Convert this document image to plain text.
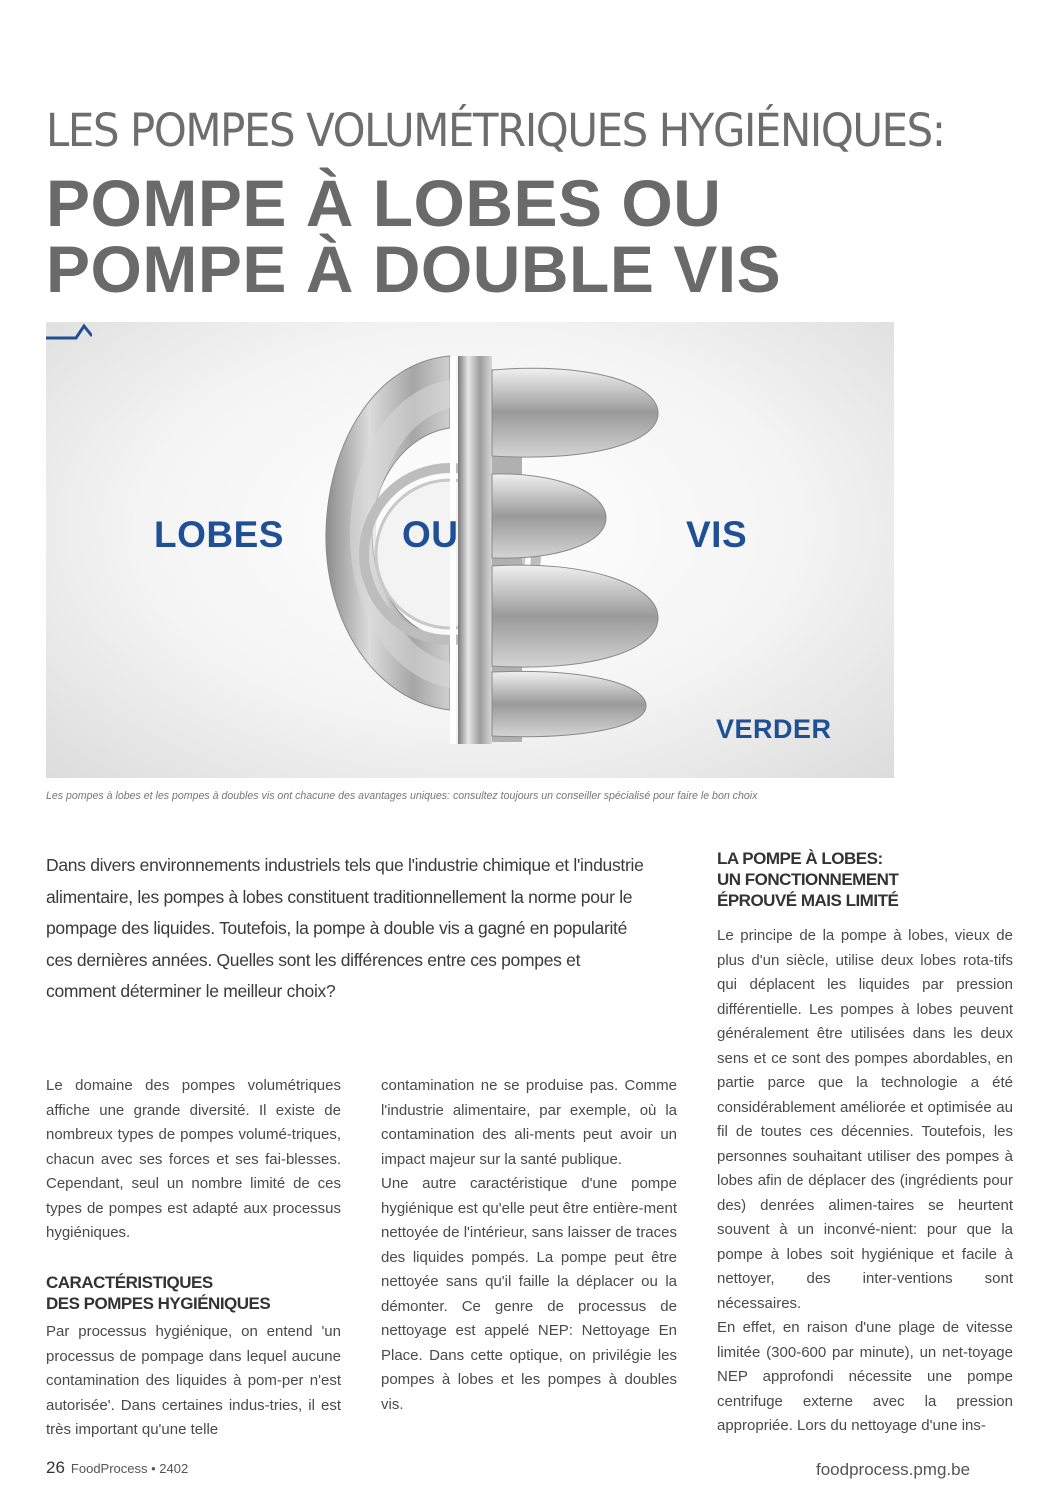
LES POMPES VOLUMÉTRIQUES HYGIÉNIQUES:
POMPE À LOBES OU
POMPE À DOUBLE VIS
LOBES	OU	VIS
VERDER
Les pompes à lobes et les pompes à doubles vis ont chacune des avantages uniques: consultez toujours un conseiller spécialisé pour faire le bon choix
Dans divers environnements industriels tels que l'industrie chimique et l'industrie alimentaire, les pompes à lobes constituent traditionnellement la norme pour le pompage des liquides. Toutefois, la pompe à double vis a gagné en popularité ces dernières années. Quelles sont les différences entre ces pompes et comment déterminer le meilleur choix?

Le domaine des pompes volumétriques affiche une grande diversité. Il existe de nombreux types de pompes volumé-triques, chacun avec ses forces et ses fai-blesses. Cependant, seul un nombre limité de ces types de pompes est adapté aux processus hygiéniques.

CARACTÉRISTIQUES
DES POMPES HYGIÉNIQUES

Par processus hygiénique, on entend 'un processus de pompage dans lequel aucune contamination des liquides à pom-per n'est autorisée'. Dans certaines indus-tries, il est très important qu'une telle

contamination ne se produise pas. Comme l'industrie alimentaire, par exemple, où la contamination des ali-ments peut avoir un impact majeur sur la santé publique.

Une autre caractéristique d'une pompe hygiénique est qu'elle peut être entière-ment nettoyée de l'intérieur, sans laisser de traces des liquides pompés. La pompe peut être nettoyée sans qu'il faille la déplacer ou la démonter. Ce genre de processus de nettoyage est appelé NEP: Nettoyage En Place. Dans cette optique, on privilégie les pompes à lobes et les pompes à doubles vis.

LA POMPE À LOBES:
UN FONCTIONNEMENT
ÉPROUVÉ MAIS LIMITÉ

Le principe de la pompe à lobes, vieux de plus d'un siècle, utilise deux lobes rota-tifs qui déplacent les liquides par pression différentielle. Les pompes à lobes peuvent généralement être utilisées dans les deux sens et ce sont des pompes abordables, en partie parce que la technologie a été considérablement améliorée et optimisée au fil de toutes ces décennies. Toutefois, les personnes souhaitant utiliser des pompes à lobes afin de déplacer des (ingrédients pour des) denrées alimen-taires se heurtent souvent à un inconvé-nient: pour que la pompe à lobes soit hygiénique et facile à nettoyer, des inter-ventions sont nécessaires.

En effet, en raison d'une plage de vitesse limitée (300-600 par minute), un net-toyage NEP approfondi nécessite une pompe centrifuge externe avec la pression appropriée. Lors du nettoyage d'une ins-

26 FoodProcess • 2402	foodprocess.pmg.be
